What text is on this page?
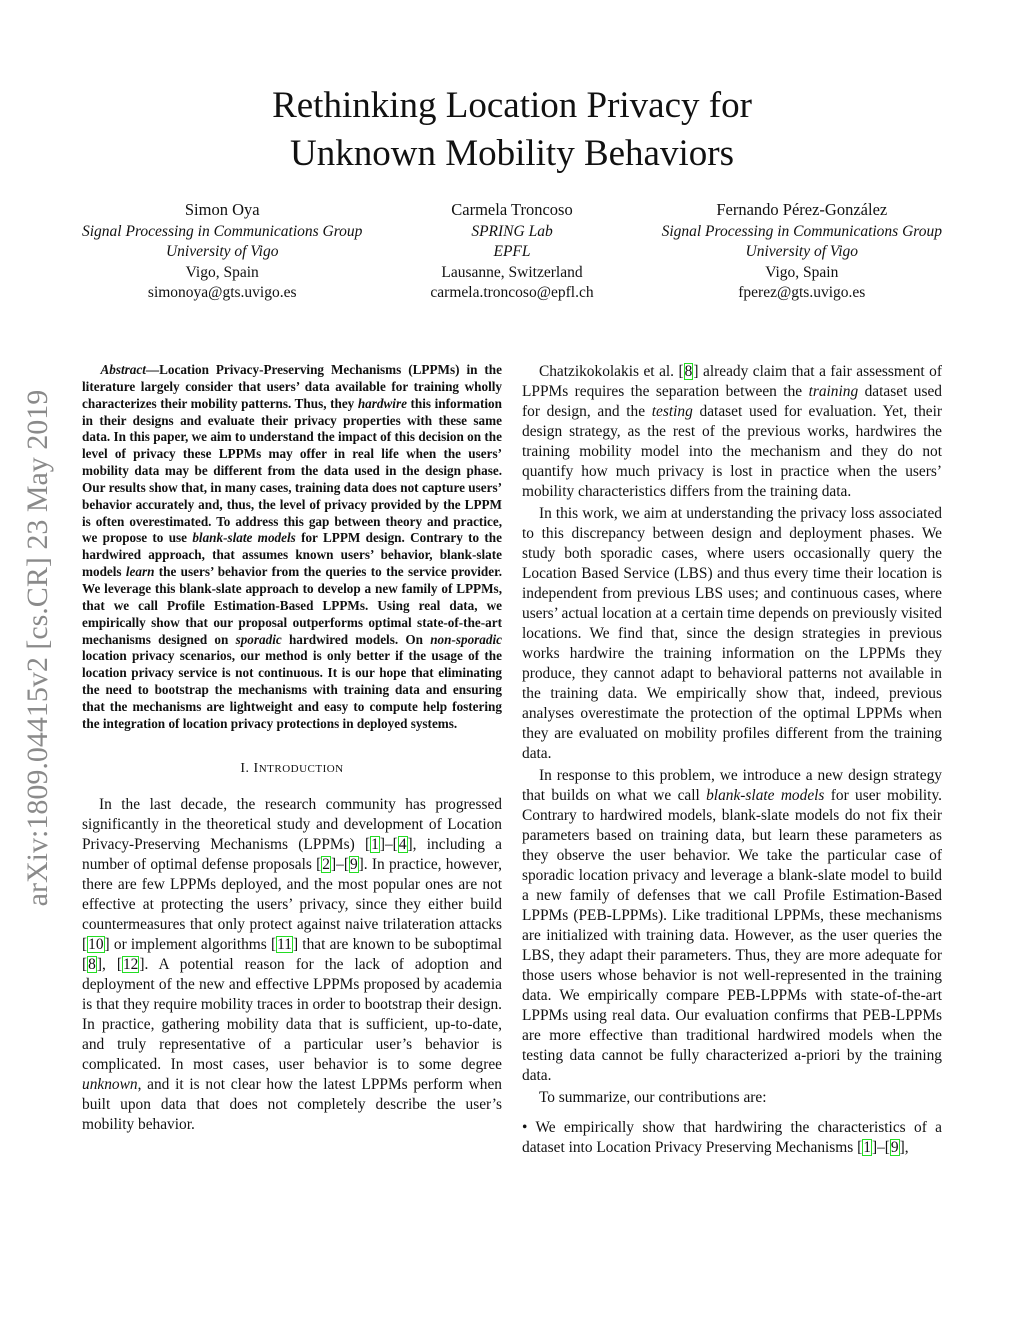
arXiv:1809.04415v2 [cs.CR] 23 May 2019
Rethinking Location Privacy for
Unknown Mobility Behaviors
Simon Oya
Signal Processing in Communications Group
University of Vigo
Vigo, Spain
simonoya@gts.uvigo.es
Carmela Troncoso
SPRING Lab
EPFL
Lausanne, Switzerland
carmela.troncoso@epfl.ch
Fernando Pérez-González
Signal Processing in Communications Group
University of Vigo
Vigo, Spain
fperez@gts.uvigo.es

Abstract—Location Privacy-Preserving Mechanisms (LPPMs) in the literature largely consider that users’ data available for training wholly characterizes their mobility patterns. Thus, they hardwire this information in their designs and evaluate their privacy properties with these same data. In this paper, we aim to understand the impact of this decision on the level of privacy these LPPMs may offer in real life when the users’ mobility data may be different from the data used in the design phase. Our results show that, in many cases, training data does not capture users’ behavior accurately and, thus, the level of privacy provided by the LPPM is often overestimated. To address this gap between theory and practice, we propose to use blank-slate models for LPPM design. Contrary to the hardwired approach, that assumes known users’ behavior, blank-slate models learn the users’ behavior from the queries to the service provider. We leverage this blank-slate approach to develop a new family of LPPMs, that we call Profile Estimation-Based LPPMs. Using real data, we empirically show that our proposal outperforms optimal state-of-the-art mechanisms designed on sporadic hardwired models. On non-sporadic location privacy scenarios, our method is only better if the usage of the location privacy service is not continuous. It is our hope that eliminating the need to bootstrap the mechanisms with training data and ensuring that the mechanisms are lightweight and easy to compute help fostering the integration of location privacy protections in deployed systems.

I. INTRODUCTION

In the last decade, the research community has progressed significantly in the theoretical study and development of Location Privacy-Preserving Mechanisms (LPPMs) [1]–[4], including a number of optimal defense proposals [2]–[9]. In practice, however, there are few LPPMs deployed, and the most popular ones are not effective at protecting the users’ privacy, since they either build countermeasures that only protect against naive trilateration attacks [10] or implement algorithms [11] that are known to be suboptimal [8], [12]. A potential reason for the lack of adoption and deployment of the new and effective LPPMs proposed by academia is that they require mobility traces in order to bootstrap their design. In practice, gathering mobility data that is sufficient, up-to-date, and truly representative of a particular user’s behavior is complicated. In most cases, user behavior is to some degree unknown, and it is not clear how the latest LPPMs perform when built upon data that does not completely describe the user’s mobility behavior.

Chatzikokolakis et al. [8] already claim that a fair assessment of LPPMs requires the separation between the training dataset used for design, and the testing dataset used for evaluation. Yet, their design strategy, as the rest of the previous works, hardwires the training mobility model into the mechanism and they do not quantify how much privacy is lost in practice when the users’ mobility characteristics differs from the training data.

In this work, we aim at understanding the privacy loss associated to this discrepancy between design and deployment phases. We study both sporadic cases, where users occasionally query the Location Based Service (LBS) and thus every time their location is independent from previous LBS uses; and continuous cases, where users’ actual location at a certain time depends on previously visited locations. We find that, since the design strategies in previous works hardwire the training information on the LPPMs they produce, they cannot adapt to behavioral patterns not available in the training data. We empirically show that, indeed, previous analyses overestimate the protection of the optimal LPPMs when they are evaluated on mobility profiles different from the training data.

In response to this problem, we introduce a new design strategy that builds on what we call blank-slate models for user mobility. Contrary to hardwired models, blank-slate models do not fix their parameters based on training data, but learn these parameters as they observe the user behavior. We take the particular case of sporadic location privacy and leverage a blank-slate model to build a new family of defenses that we call Profile Estimation-Based LPPMs (PEB-LPPMs). Like traditional LPPMs, these mechanisms are initialized with training data. However, as the user queries the LBS, they adapt their parameters. Thus, they are more adequate for those users whose behavior is not well-represented in the training data. We empirically compare PEB-LPPMs with state-of-the-art LPPMs using real data. Our evaluation confirms that PEB-LPPMs are more effective than traditional hardwired models when the testing data cannot be fully characterized a-priori by the training data.

To summarize, our contributions are:

• We empirically show that hardwiring the characteristics of a dataset into Location Privacy Preserving Mechanisms [1]–[9],
